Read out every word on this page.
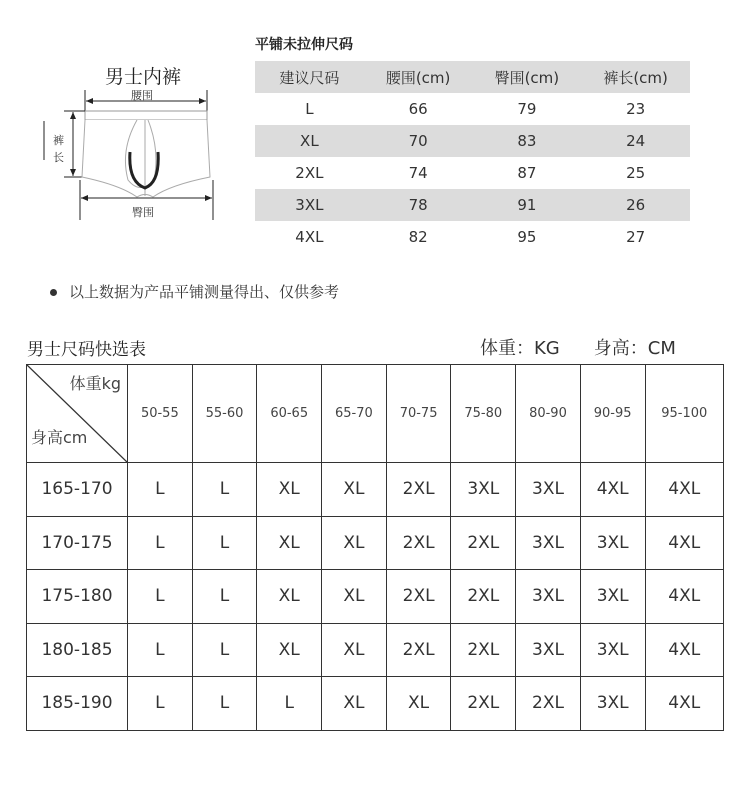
男士内裤
腰围
臀围
裤
长
平铺未拉伸尺码
建议尺码	腰围(cm)	臀围(cm)	裤长(cm)
L	66	79	23
XL	70	83	24
2XL	74	87	25
3XL	78	91	26
4XL	82	95	27
以上数据为产品平铺测量得出、仅供参考
男士尺码快选表	体重：KG 身高：CM
体重kg
身高cm	50-55	55-60	60-65	65-70	70-75	75-80	80-90	90-95	95-100
165-170	L	L	XL	XL	2XL	3XL	3XL	4XL	4XL
170-175	L	L	XL	XL	2XL	2XL	3XL	3XL	4XL
175-180	L	L	XL	XL	2XL	2XL	3XL	3XL	4XL
180-185	L	L	XL	XL	2XL	2XL	3XL	3XL	4XL
185-190	L	L	L	XL	XL	2XL	2XL	3XL	4XL
